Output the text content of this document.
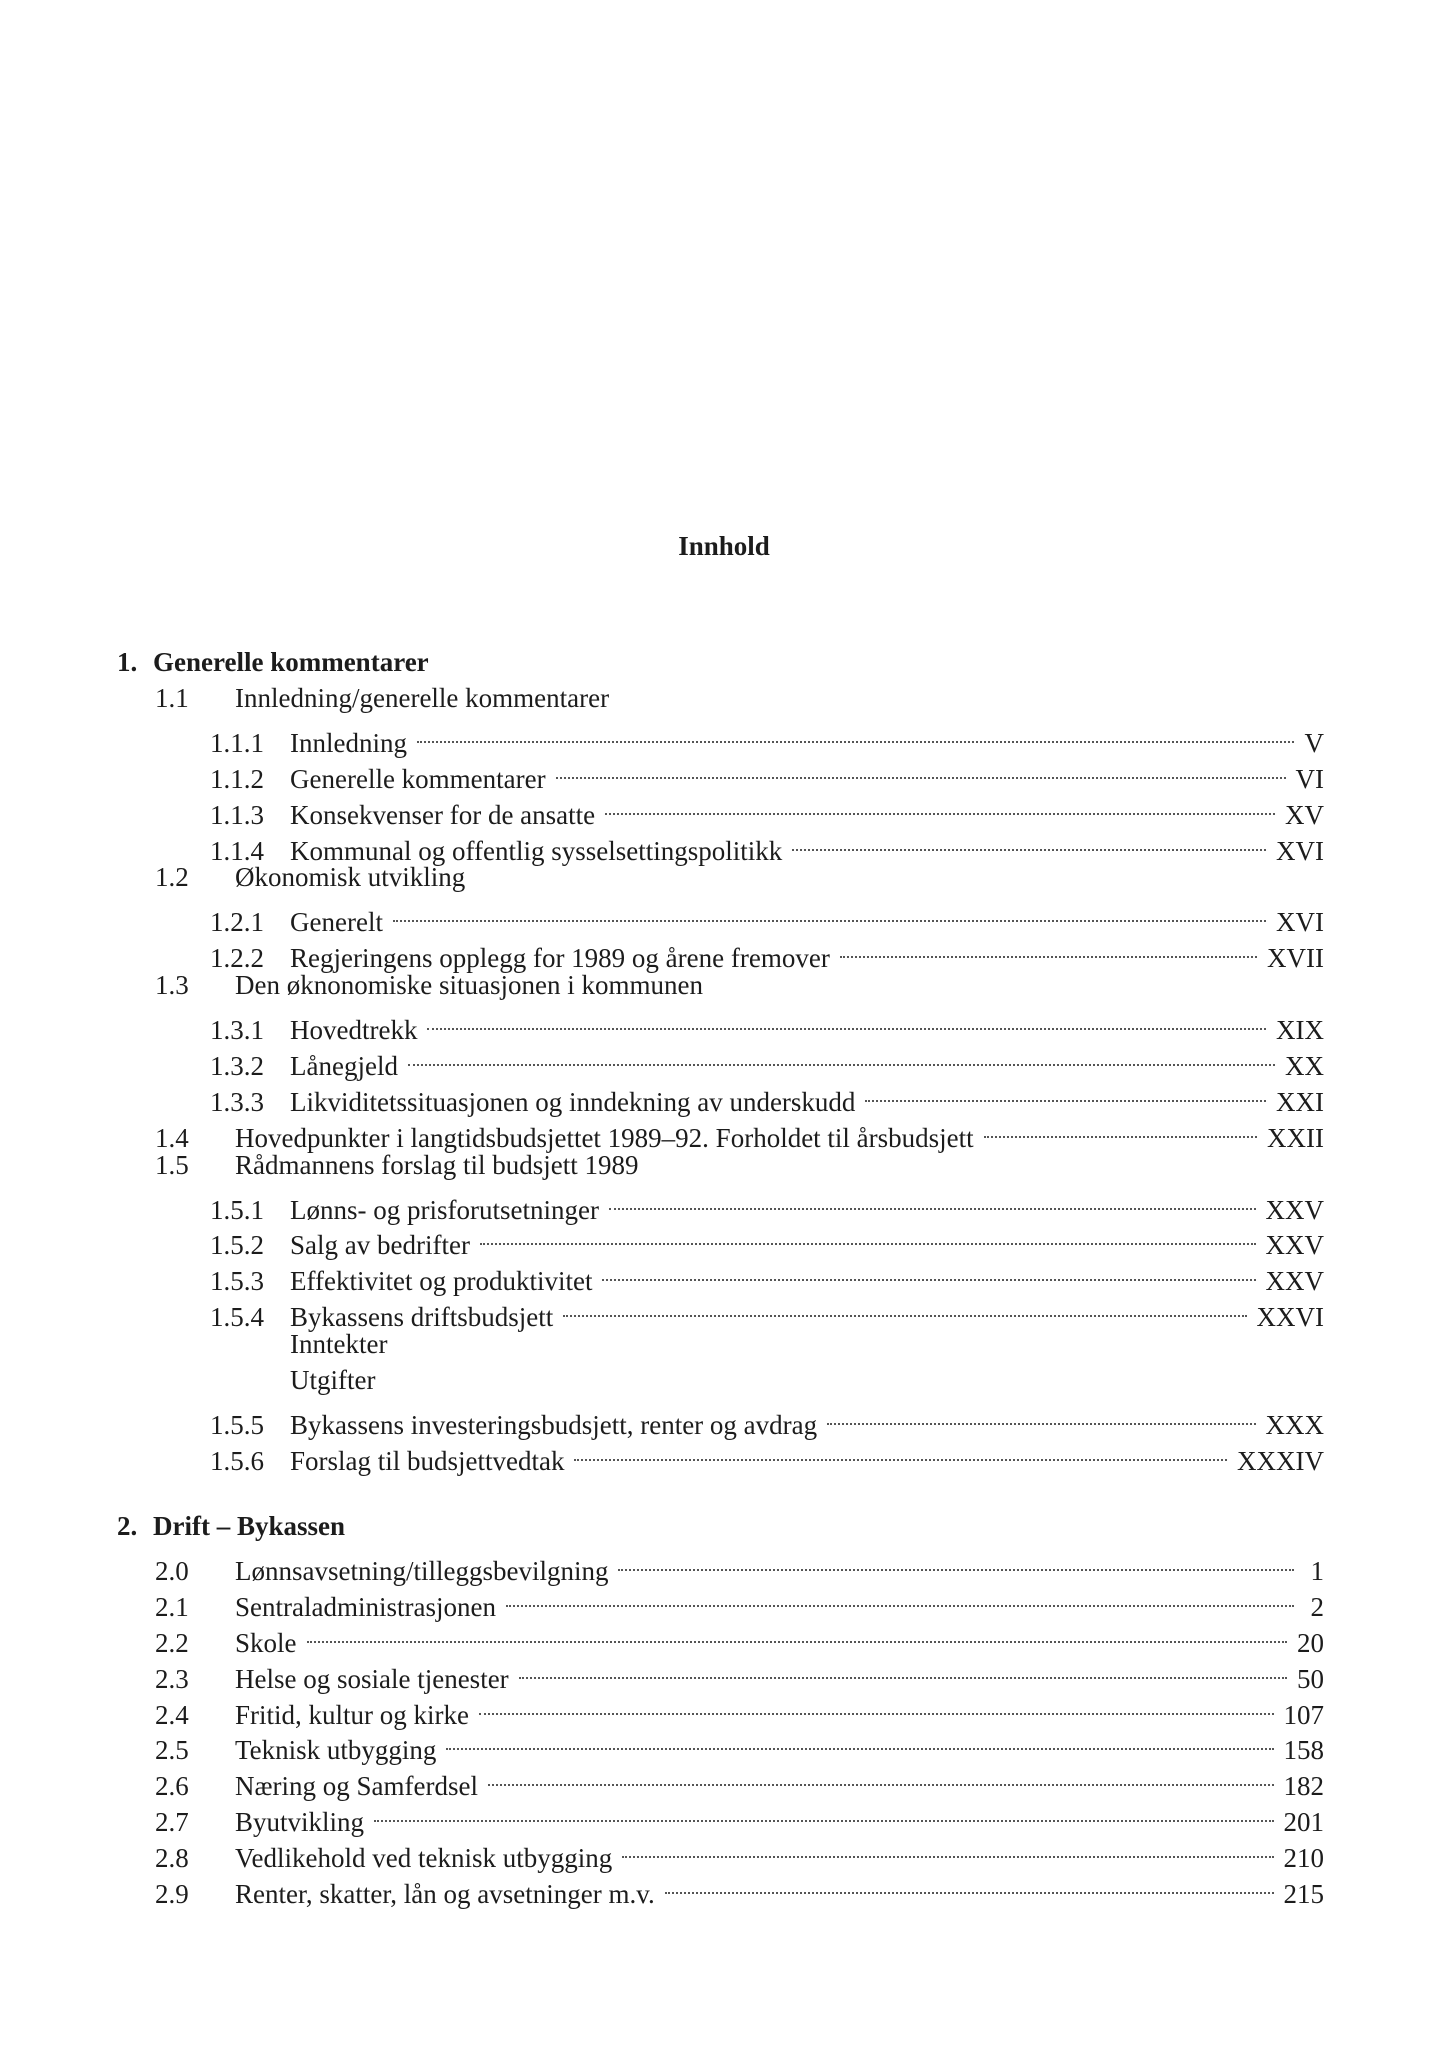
Innhold
1. Generelle kommentarer
1.1	Innledning/generelle kommentarer
1.1.1 Innledning	V
1.1.2 Generelle kommentarer	VI
1.1.3 Konsekvenser for de ansatte	XV
1.1.4 Kommunal og offentlig sysselsettingspolitikk	XVI
1.2	Økonomisk utvikling
1.2.1 Generelt	XVI
1.2.2 Regjeringens opplegg for 1989 og årene fremover	XVII
1.3	Den øknonomiske situasjonen i kommunen
1.3.1 Hovedtrekk	XIX
1.3.2 Lånegjeld	XX
1.3.3 Likviditetssituasjonen og inndekning av underskudd	XXI
1.4	Hovedpunkter i langtidsbudsjettet 1989–92. Forholdet til årsbudsjett	XXII
1.5	Rådmannens forslag til budsjett 1989
1.5.1 Lønns- og prisforutsetninger	XXV
1.5.2 Salg av bedrifter	XXV
1.5.3 Effektivitet og produktivitet	XXV
1.5.4 Bykassens driftsbudsjett	XXVI
Inntekter
Utgifter
1.5.5 Bykassens investeringsbudsjett, renter og avdrag	XXX
1.5.6 Forslag til budsjettvedtak	XXXIV
2. Drift – Bykassen
2.0	Lønnsavsetning/tilleggsbevilgning	1
2.1	Sentraladministrasjonen	2
2.2	Skole	20
2.3	Helse og sosiale tjenester	50
2.4	Fritid, kultur og kirke	107
2.5	Teknisk utbygging	158
2.6	Næring og Samferdsel	182
2.7	Byutvikling	201
2.8	Vedlikehold ved teknisk utbygging	210
2.9	Renter, skatter, lån og avsetninger m.v.	215
